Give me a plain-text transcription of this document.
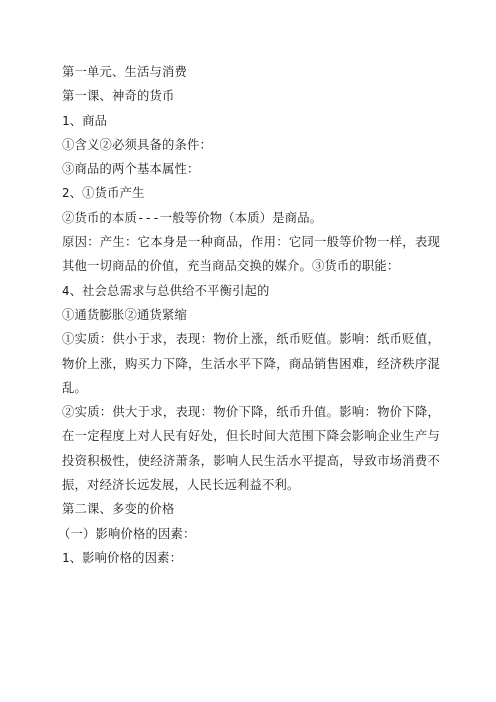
第一单元、生活与消费
第一课、神奇的货币
1、商品
①含义②必须具备的条件：
③商品的两个基本属性：
2、①货币产生
②货币的本质---一般等价物（本质）是商品。
原因：产生：它本身是一种商品，作用：它同一般等价物一样，表现其他一切商品的价值，充当商品交换的媒介。③货币的职能：
4、社会总需求与总供给不平衡引起的
①通货膨胀②通货紧缩
①实质：供小于求，表现：物价上涨，纸币贬值。影响：纸币贬值，物价上涨，购买力下降，生活水平下降，商品销售困难，经济秩序混乱。
②实质：供大于求，表现：物价下降，纸币升值。影响：物价下降，在一定程度上对人民有好处，但长时间大范围下降会影响企业生产与投资积极性，使经济萧条，影响人民生活水平提高，导致市场消费不振，对经济长远发展，人民长远利益不利。
第二课、多变的价格
（一）影响价格的因素：
1、影响价格的因素：
